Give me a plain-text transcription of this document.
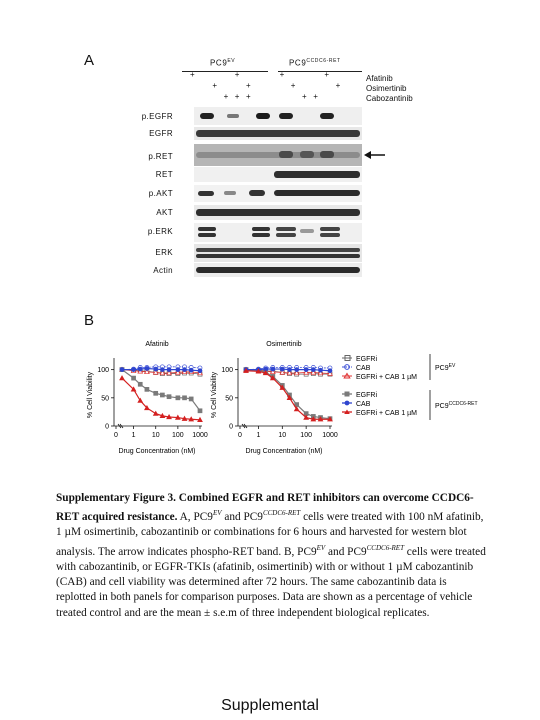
A	$PC9^{EV}$	$PC9^{CCDC6-RET}$
+	+	+	+
+	+	+	+
+ + +	+ +
Afatinib
Osimertinib
Cabozantinib
p.EGFR
EGFR
p.RET
RET
p.AKT
AKT
p.ERK
ERK
Actin
B
Afatinib
0
50
100
0 1 10 100 1000
Drug Concentration (nM)
% Cell Viability
Osimertinib
0
50
100
0 1	10 100 1000
Drug Concentration (nM)
% Cell Viability
EGFRi
CAB
EGFRi + CAB 1 µM
$PC9^{EV}$
EGFRi
CAB
EGFRi + CAB 1 µM
$PC9^{CCDC6-RET}$
Supplementary Figure 3. Combined EGFR and RET inhibitors can overcome CCDC6-RET acquired resistance. A, $PC9^{EV}$ and $PC9^{CCDC6-RET}$ cells were treated with 100 nM afatinib, 1 µM osimertinib, cabozantinib or combinations for 6 hours and harvested for western blot analysis. The arrow indicates phospho-RET band. B, $PC9^{EV}$ and $PC9^{CCDC6-RET}$ cells were treated with cabozantinib, or EGFR-TKIs (afatinib, osimertinib) with or without 1 µM cabozantinib (CAB) and cell viability was determined after 72 hours. The same cabozantinib data is replotted in both panels for comparison purposes. Data are shown as a percentage of vehicle treated control and are the mean ± s.e.m of three independent biological replicates.
Supplemental
